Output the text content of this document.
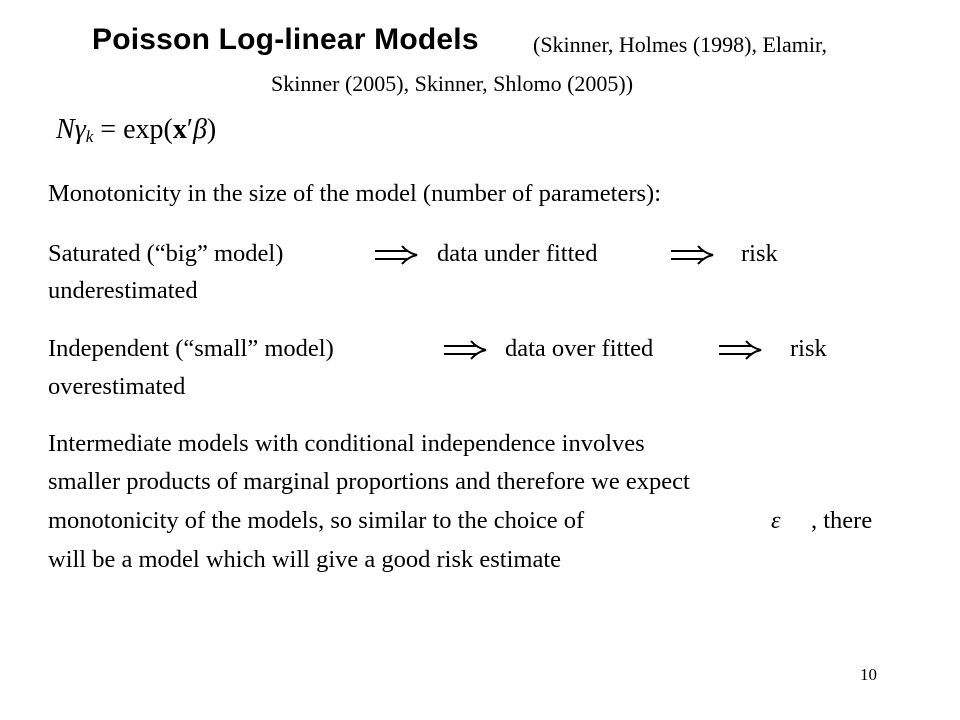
Poisson Log-linear Models (Skinner, Holmes (1998), Elamir,
Skinner (2005), Skinner, Shlomo (2005))
$N\gamma_k = \exp(x'\beta)$
Monotonicity in the size of the model (number of parameters):
Saturated (“big” model)	data under fitted	risk
underestimated
Independent (“small” model)	data over fitted	risk
overestimated
Intermediate models with conditional independence involves
smaller products of marginal proportions and therefore we expect
monotonicity of the models, so similar to the choice of	ε , there
will be a model which will give a good risk estimate
10
